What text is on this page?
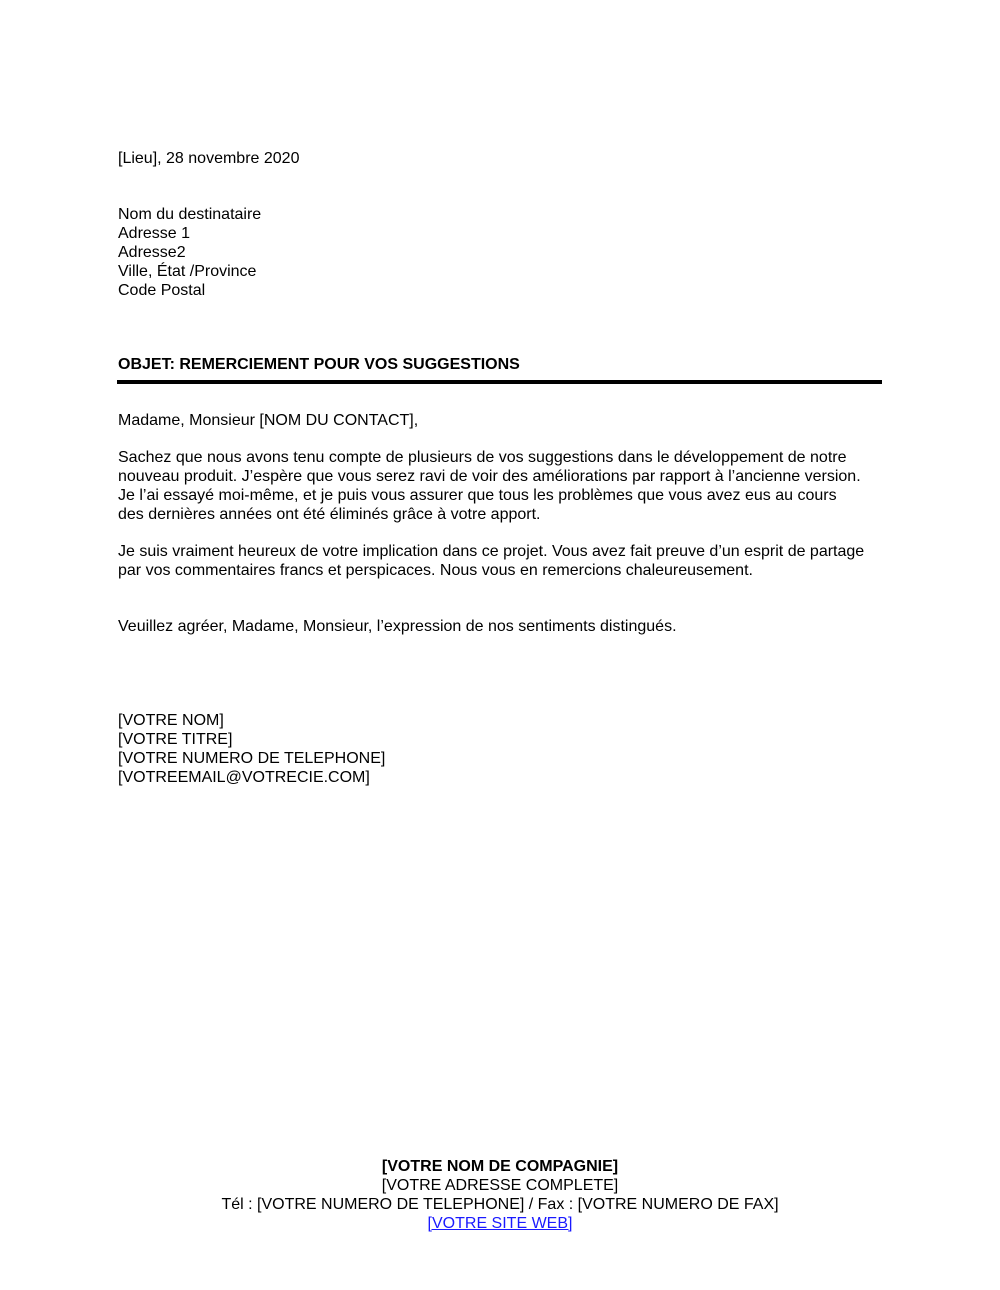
[Lieu], 28 novembre 2020
Nom du destinataire
Adresse 1
Adresse2
Ville, État /Province
Code Postal
OBJET: REMERCIEMENT POUR VOS SUGGESTIONS
Madame, Monsieur [NOM DU CONTACT],
Sachez que nous avons tenu compte de plusieurs de vos suggestions dans le développement de notre
nouveau produit. J’espère que vous serez ravi de voir des améliorations par rapport à l’ancienne version.
Je l’ai essayé moi-même, et je puis vous assurer que tous les problèmes que vous avez eus au cours
des dernières années ont été éliminés grâce à votre apport.
Je suis vraiment heureux de votre implication dans ce projet. Vous avez fait preuve d’un esprit de partage
par vos commentaires francs et perspicaces. Nous vous en remercions chaleureusement.
Veuillez agréer, Madame, Monsieur, l’expression de nos sentiments distingués.
[VOTRE NOM]
[VOTRE TITRE]
[VOTRE NUMERO DE TELEPHONE]
[VOTREEMAIL@VOTRECIE.COM]
[VOTRE NOM DE COMPAGNIE]
[VOTRE ADRESSE COMPLETE]
Tél : [VOTRE NUMERO DE TELEPHONE] / Fax : [VOTRE NUMERO DE FAX]
[VOTRE SITE WEB]
